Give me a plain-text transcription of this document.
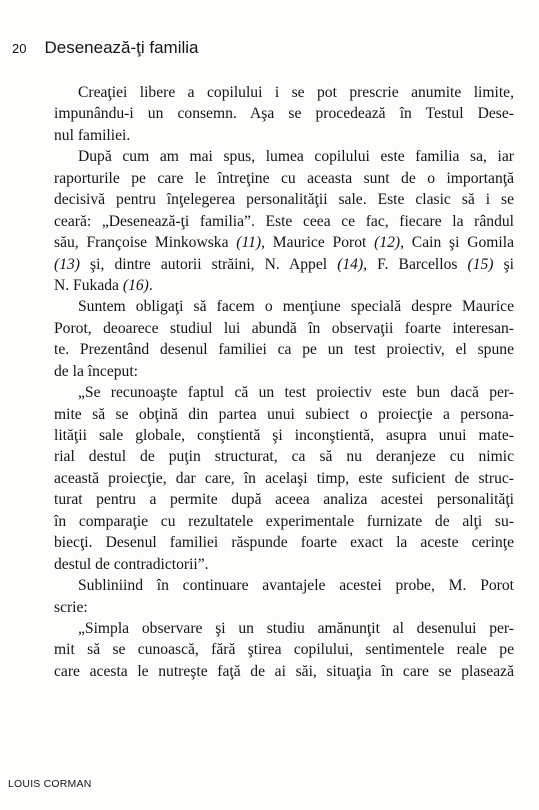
20 Desenează-ţi familia
Creaţiei libere a copilului i se pot prescrie anumite limite,
impunându-i un consemn. Aşa se procedează în Testul Dese-
nul familiei.
După cum am mai spus, lumea copilului este familia sa, iar
raporturile pe care le întreţine cu aceasta sunt de o importanţă
decisivă pentru înţelegerea personalităţii sale. Este clasic să i se
ceară: „Desenează-ţi familia”. Este ceea ce fac, fiecare la rândul
său, Françoise Minkowska (11), Maurice Porot (12), Cain şi Gomila
(13) şi, dintre autorii străini, N. Appel (14), F. Barcellos (15) şi
N. Fukada (16).
Suntem obligaţi să facem o menţiune specială despre Maurice
Porot, deoarece studiul lui abundă în observaţii foarte interesan-
te. Prezentând desenul familiei ca pe un test proiectiv, el spune
de la început:
„Se recunoaşte faptul că un test proiectiv este bun dacă per-
mite să se obţină din partea unui subiect o proiecţie a persona-
lităţii sale globale, conştientă şi inconştientă, asupra unui mate-
rial destul de puţin structurat, ca să nu deranjeze cu nimic
această proiecţie, dar care, în acelaşi timp, este suficient de struc-
turat pentru a permite după aceea analiza acestei personalităţi
în comparaţie cu rezultatele experimentale furnizate de alţi su-
biecţi. Desenul familiei răspunde foarte exact la aceste cerinţe
destul de contradictorii”.
Subliniind în continuare avantajele acestei probe, M. Porot
scrie:
„Simpla observare şi un studiu amănunţit al desenului per-
mit să se cunoască, fără ştirea copilului, sentimentele reale pe
care acesta le nutreşte faţă de ai săi, situaţia în care se plasează
LOUIS CORMAN
